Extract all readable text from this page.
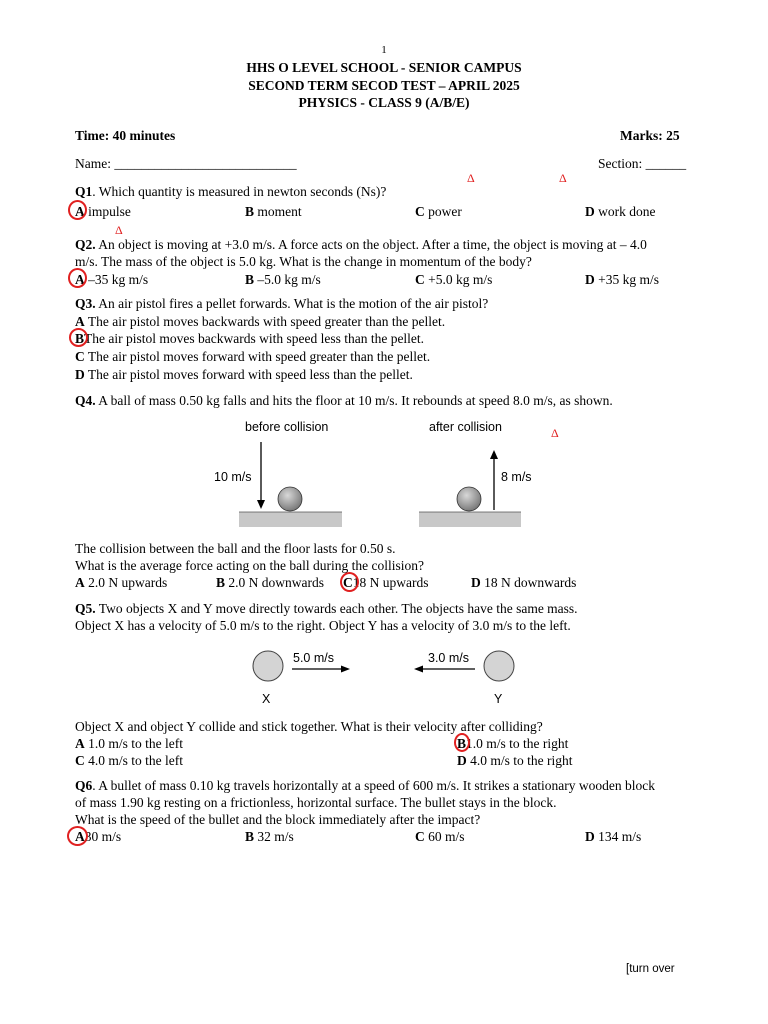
1
HHS O LEVEL SCHOOL - SENIOR CAMPUS
SECOND TERM SECOD TEST – APRIL 2025
PHYSICS - CLASS 9 (A/B/E)
Time: 40 minutes	Marks: 25
Name: ___________________________	Section: ______
Δ	Δ
Δ
Δ
Q1. Which quantity is measured in newton seconds (Ns)?
A impulse	B moment	C power	D work done
Q2. An object is moving at +3.0 m/s. A force acts on the object. After a time, the object is moving at – 4.0
m/s. The mass of the object is 5.0 kg. What is the change in momentum of the body?
A –35 kg m/s	B –5.0 kg m/s	C +5.0 kg m/s	D +35 kg m/s
Q3. An air pistol fires a pellet forwards. What is the motion of the air pistol?
A The air pistol moves backwards with speed greater than the pellet.
BThe air pistol moves backwards with speed less than the pellet.
C The air pistol moves forward with speed greater than the pellet.
D The air pistol moves forward with speed less than the pellet.
Q4. A ball of mass 0.50 kg falls and hits the floor at 10 m/s. It rebounds at speed 8.0 m/s, as shown.
before collision	after collision
10 m/s	8 m/s
The collision between the ball and the floor lasts for 0.50 s.
What is the average force acting on the ball during the collision?
A 2.0 N upwards	B 2.0 N downwards C18 N upwards	D 18 N downwards
Q5. Two objects X and Y move directly towards each other. The objects have the same mass.
Object X has a velocity of 5.0 m/s to the right. Object Y has a velocity of 3.0 m/s to the left.
5.0 m/s
X
3.0 m/s
Y
Object X and object Y collide and stick together. What is their velocity after colliding?
A 1.0 m/s to the left	B1.0 m/s to the right
C 4.0 m/s to the left	D 4.0 m/s to the right
Q6. A bullet of mass 0.10 kg travels horizontally at a speed of 600 m/s. It strikes a stationary wooden block
of mass 1.90 kg resting on a frictionless, horizontal surface. The bullet stays in the block.
What is the speed of the bullet and the block immediately after the impact?
A30 m/s	B 32 m/s	C 60 m/s	D 134 m/s
[turn over
